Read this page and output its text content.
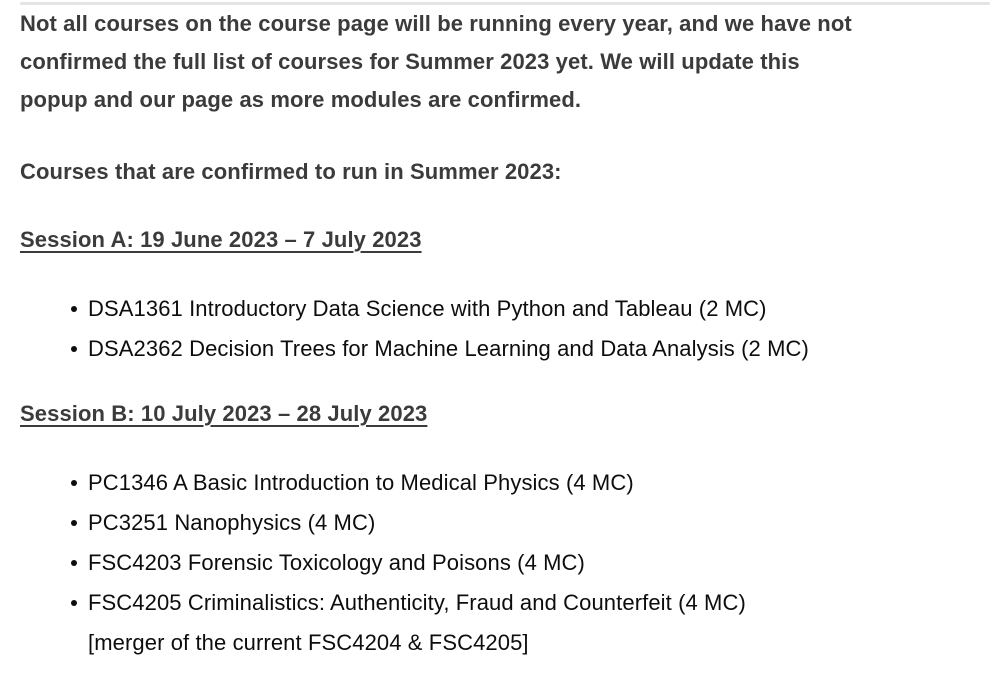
Not all courses on the course page will be running every year, and we have not
confirmed the full list of courses for Summer 2023 yet. We will update this
popup and our page as more modules are confirmed.
Courses that are confirmed to run in Summer 2023:
Session A: 19 June 2023 – 7 July 2023
DSA1361 Introductory Data Science with Python and Tableau (2 MC)
DSA2362 Decision Trees for Machine Learning and Data Analysis (2 MC)
Session B: 10 July 2023 – 28 July 2023
PC1346 A Basic Introduction to Medical Physics (4 MC)
PC3251 Nanophysics (4 MC)
FSC4203 Forensic Toxicology and Poisons (4 MC)
FSC4205 Criminalistics: Authenticity, Fraud and Counterfeit (4 MC)
[merger of the current FSC4204 & FSC4205]
